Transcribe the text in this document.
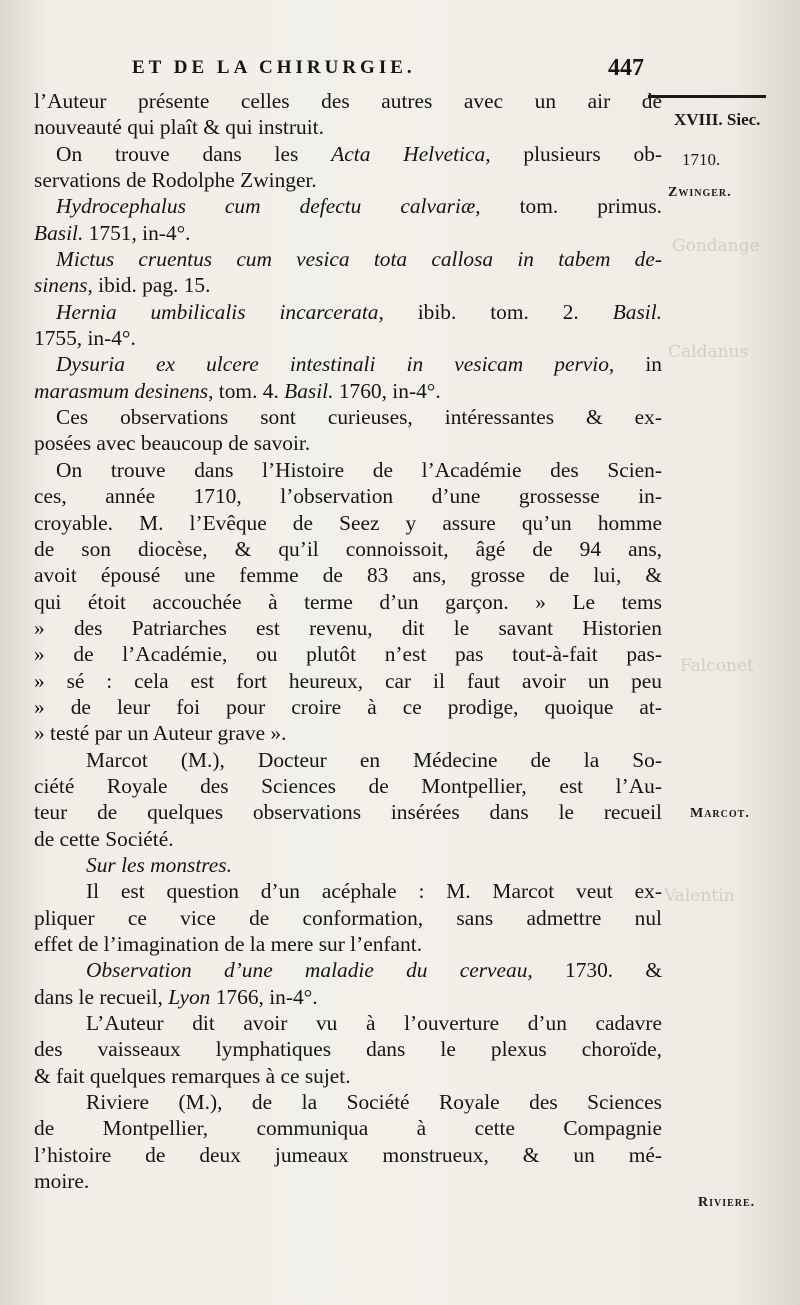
Gondange
Caldanus
Falconet
Valentin
ET DE LA CHIRURGIE.	447
XVIII. Siec.
1710.
Zwinger.
Marcot.
Riviere.
l’Auteur présente celles des autres avec un air de
nouveauté qui plaît & qui instruit.
On trouve dans les Acta Helvetica, plusieurs ob-
servations de Rodolphe Zwinger.
Hydrocephalus cum defectu calvariæ, tom. primus.
Basil. 1751, in-4°.
Mictus cruentus cum vesica tota callosa in tabem de-
sinens, ibid. pag. 15.
Hernia umbilicalis incarcerata, ibib. tom. 2. Basil.
1755, in-4°.
Dysuria ex ulcere intestinali in vesicam pervio, in
marasmum desinens, tom. 4. Basil. 1760, in-4°.
Ces observations sont curieuses, intéressantes & ex-
posées avec beaucoup de savoir.
On trouve dans l’Histoire de l’Académie des Scien-
ces, année 1710, l’observation d’une grossesse in-
croyable. M. l’Evêque de Seez y assure qu’un homme
de son diocèse, & qu’il connoissoit, âgé de 94 ans,
avoit épousé une femme de 83 ans, grosse de lui, &
qui étoit accouchée à terme d’un garçon. » Le tems
» des Patriarches est revenu, dit le savant Historien
» de l’Académie, ou plutôt n’est pas tout-à-fait pas-
» sé : cela est fort heureux, car il faut avoir un peu
» de leur foi pour croire à ce prodige, quoique at-
» testé par un Auteur grave ».
Marcot (M.), Docteur en Médecine de la So-
ciété Royale des Sciences de Montpellier, est l’Au-
teur de quelques observations insérées dans le recueil
de cette Société.
Sur les monstres.
Il est question d’un acéphale : M. Marcot veut ex-
pliquer ce vice de conformation, sans admettre nul
effet de l’imagination de la mere sur l’enfant.
Observation d’une maladie du cerveau, 1730. &
dans le recueil, Lyon 1766, in-4°.
L’Auteur dit avoir vu à l’ouverture d’un cadavre
des vaisseaux lymphatiques dans le plexus choroïde,
& fait quelques remarques à ce sujet.
Riviere (M.), de la Société Royale des Sciences
de Montpellier, communiqua à cette Compagnie
l’histoire de deux jumeaux monstrueux, & un mé-
moire.
